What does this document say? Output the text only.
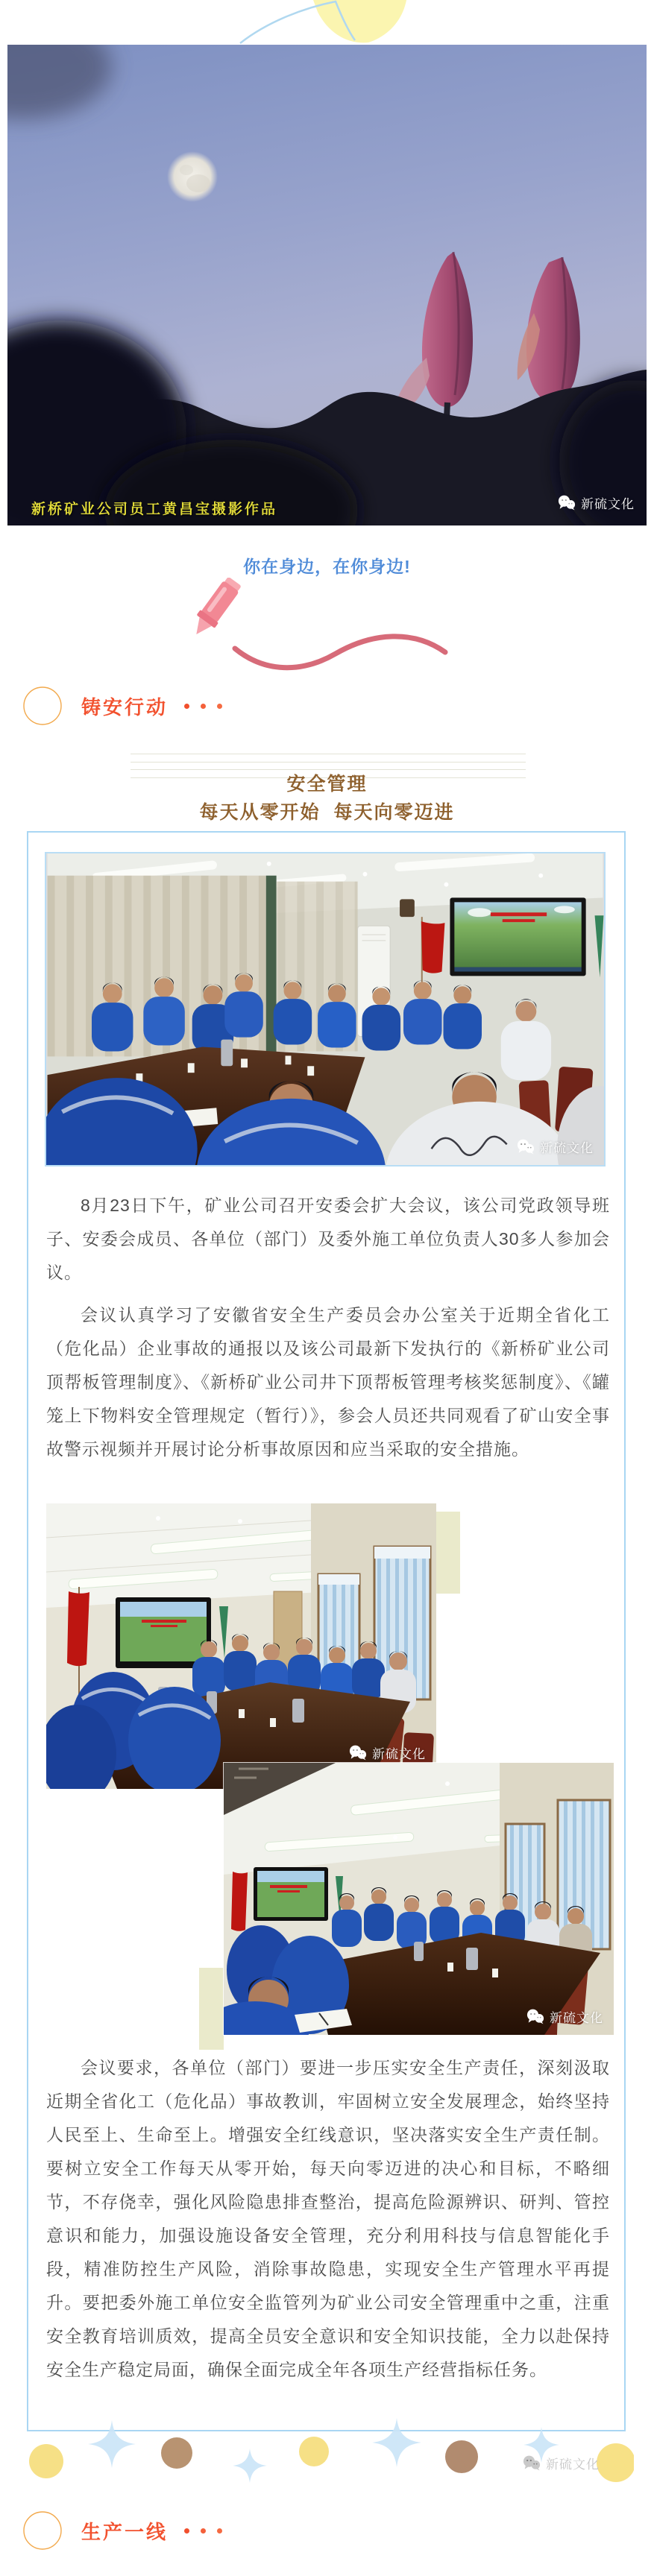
新桥矿业公司员工黄昌宝摄影作品	新硫文化
你在身边，在你身边!
铸安行动
安全管理
每天从零开始  每天向零迈进
新硫文化
8月23日下午，矿业公司召开安委会扩大会议，该公司党政领导班子、安委会成员、各单位（部门）及委外施工单位负责人30多人参加会议。
会议认真学习了安徽省安全生产委员会办公室关于近期全省化工（危化品）企业事故的通报以及该公司最新下发执行的《新桥矿业公司顶帮板管理制度》、《新桥矿业公司井下顶帮板管理考核奖惩制度》、《罐笼上下物料安全管理规定（暂行）》，参会人员还共同观看了矿山安全事故警示视频并开展讨论分析事故原因和应当采取的安全措施。
新硫文化
新硫文化
会议要求，各单位（部门）要进一步压实安全生产责任，深刻汲取近期全省化工（危化品）事故教训，牢固树立安全发展理念，始终坚持人民至上、生命至上。增强安全红线意识，坚决落实安全生产责任制。要树立安全工作每天从零开始，每天向零迈进的决心和目标，不略细节，不存侥幸，强化风险隐患排查整治，提高危险源辨识、研判、管控意识和能力，加强设施设备安全管理，充分利用科技与信息智能化手段，精准防控生产风险，消除事故隐患，实现安全生产管理水平再提升。要把委外施工单位安全监管列为矿业公司安全管理重中之重，注重安全教育培训质效，提高全员安全意识和安全知识技能，全力以赴保持安全生产稳定局面，确保全面完成全年各项生产经营指标任务。
新硫文化
生产一线
